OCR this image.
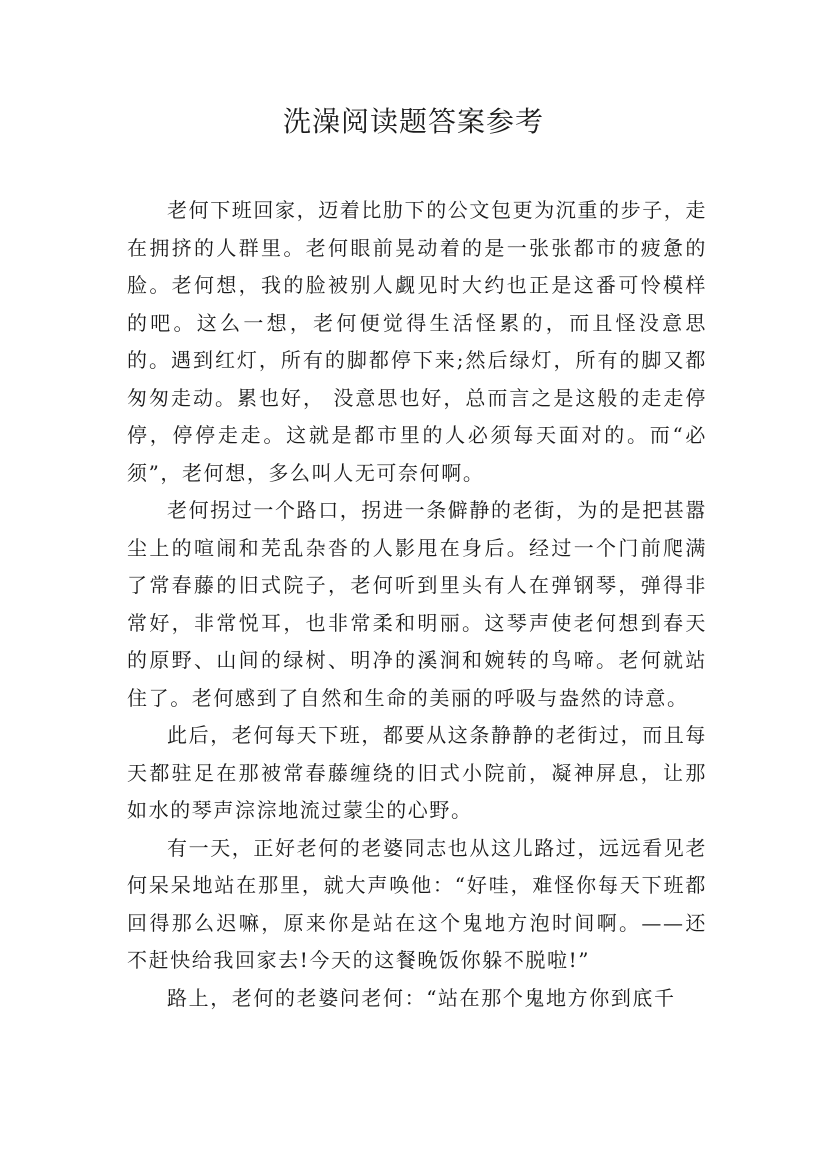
洗澡阅读题答案参考

老何下班回家，迈着比肋下的公文包更为沉重的步子，走在拥挤的人群里。老何眼前晃动着的是一张张都市的疲惫的脸。老何想，我的脸被别人觑见时大约也正是这番可怜模样的吧。这么一想，老何便觉得生活怪累的，而且怪没意思的。遇到红灯，所有的脚都停下来;然后绿灯，所有的脚又都匆匆走动。累也好， 没意思也好，总而言之是这般的走走停停，停停走走。这就是都市里的人必须每天面对的。而“必须”，老何想，多么叫人无可奈何啊。

老何拐过一个路口，拐进一条僻静的老街，为的是把甚嚣尘上的喧闹和芜乱杂沓的人影甩在身后。经过一个门前爬满了常春藤的旧式院子，老何听到里头有人在弹钢琴，弹得非常好，非常悦耳，也非常柔和明丽。这琴声使老何想到春天的原野、山间的绿树、明净的溪涧和婉转的鸟啼。老何就站住了。老何感到了自然和生命的美丽的呼吸与盎然的诗意。

此后，老何每天下班，都要从这条静静的老街过，而且每天都驻足在那被常春藤缠绕的旧式小院前，凝神屏息，让那如水的琴声淙淙地流过蒙尘的心野。

有一天，正好老何的老婆同志也从这儿路过，远远看见老何呆呆地站在那里，就大声唤他：“好哇，难怪你每天下班都回得那么迟嘛，原来你是站在这个鬼地方泡时间啊。——还不赶快给我回家去!今天的这餐晚饭你躲不脱啦!”

路上，老何的老婆问老何：“站在那个鬼地方你到底千
